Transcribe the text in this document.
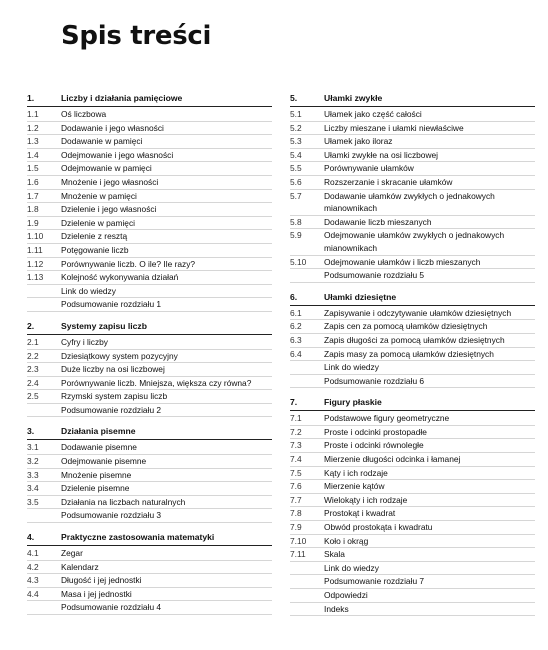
Spis treści
1.	Liczby i działania pamięciowe
1.1	Oś liczbowa
1.2	Dodawanie i jego własności
1.3	Dodawanie w pamięci
1.4	Odejmowanie i jego własności
1.5	Odejmowanie w pamięci
1.6	Mnożenie i jego własności
1.7	Mnożenie w pamięci
1.8	Dzielenie i jego własności
1.9	Dzielenie w pamięci
1.10	Dzielenie z resztą
1.11	Potęgowanie liczb
1.12	Porównywanie liczb. O ile? Ile razy?
1.13	Kolejność wykonywania działań
Link do wiedzy
Podsumowanie rozdziału 1
2.	Systemy zapisu liczb
2.1	Cyfry i liczby
2.2	Dziesiątkowy system pozycyjny
2.3	Duże liczby na osi liczbowej
2.4	Porównywanie liczb. Mniejsza, większa czy równa?
2.5	Rzymski system zapisu liczb
Podsumowanie rozdziału 2
3.	Działania pisemne
3.1	Dodawanie pisemne
3.2	Odejmowanie pisemne
3.3	Mnożenie pisemne
3.4	Dzielenie pisemne
3.5	Działania na liczbach naturalnych
Podsumowanie rozdziału 3
4.	Praktyczne zastosowania matematyki
4.1	Zegar
4.2	Kalendarz
4.3	Długość i jej jednostki
4.4	Masa i jej jednostki
Podsumowanie rozdziału 4
5.	Ułamki zwykłe
5.1	Ułamek jako część całości
5.2	Liczby mieszane i ułamki niewłaściwe
5.3	Ułamek jako iloraz
5.4	Ułamki zwykłe na osi liczbowej
5.5	Porównywanie ułamków
5.6	Rozszerzanie i skracanie ułamków
5.7	Dodawanie ułamków zwykłych o jednakowych mianownikach
5.8	Dodawanie liczb mieszanych
5.9	Odejmowanie ułamków zwykłych o jednakowych mianownikach
5.10	Odejmowanie ułamków i liczb mieszanych
Podsumowanie rozdziału 5
6.	Ułamki dziesiętne
6.1	Zapisywanie i odczytywanie ułamków dziesiętnych
6.2	Zapis cen za pomocą ułamków dziesiętnych
6.3	Zapis długości za pomocą ułamków dziesiętnych
6.4	Zapis masy za pomocą ułamków dziesiętnych
Link do wiedzy
Podsumowanie rozdziału 6
7.	Figury płaskie
7.1	Podstawowe figury geometryczne
7.2	Proste i odcinki prostopadłe
7.3	Proste i odcinki równoległe
7.4	Mierzenie długości odcinka i łamanej
7.5	Kąty i ich rodzaje
7.6	Mierzenie kątów
7.7	Wielokąty i ich rodzaje
7.8	Prostokąt i kwadrat
7.9	Obwód prostokąta i kwadratu
7.10	Koło i okrąg
7.11	Skala
Link do wiedzy
Podsumowanie rozdziału 7
Odpowiedzi
Indeks
